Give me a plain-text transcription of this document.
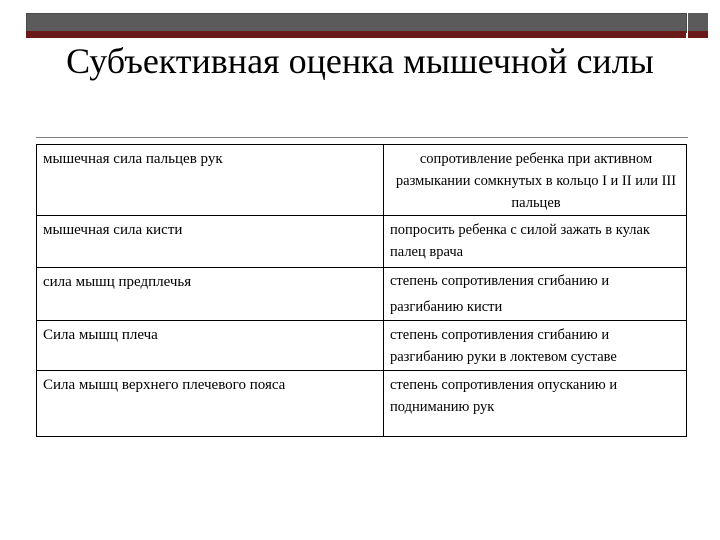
Субъективная оценка мышечной силы
мышечная сила пальцев рук	сопротивление ребенка при активном размыкании сомкнутых в кольцо I и II или III пальцев
мышечная сила кисти	попросить ребенка с силой зажать в кулак палец врача
сила мышц предплечья	степень сопротивления сгибанию и разгибанию кисти
Сила мышц плеча	степень сопротивления сгибанию и разгибанию руки в локтевом суставе
Сила мышц верхнего плечевого пояса	степень сопротивления опусканию и подниманию рук
